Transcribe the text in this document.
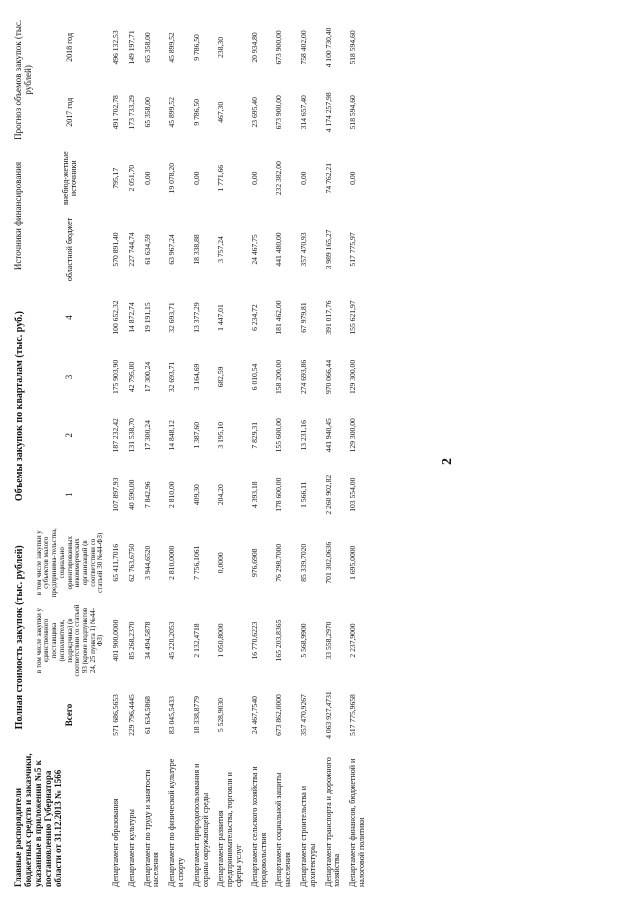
Главные распорядители бюджетных средств и заказчики, указанные в приложении №5 к постановлению Губернатора области от 31.12.2013 № 1566	Полная стоимость закупок (тыс. рублей)			Объемы закупок по кварталам (тыс. руб.)				Источники финансирования		Прогноз объемов закупок (тыс. рублей)	
	Всего	в том числе закупки у единственного поставщика (исполнителя, подрядчика) (в соответствии со статьей 93 (кроме подпунктов 24, 25 пункта 1) №44-ФЗ)	в том числе закупки у субъектов малого предпринима-тельства, социально ориентированных некоммерческих организаций (в соответствии со статьей 30 №44-ФЗ)	1	2	3	4	областной бюджет	внебюд-жетные источники	2017 год	2018 год

Департамент образования	571 686,5653	401 900,0000	65 411,7016	107 897,93	187 232,42	175 903,90	100 652,32	570 891,40	795,17	491 702,78	496 132,53
Департамент культуры	229 796,4445	85 268,2370	62 763,6750	40 590,00	131 538,70	42 795,00	14 872,74	227 744,74	2 051,70	173 733,29	149 197,71
Департамент по труду и занятости населения	61 634,5868	34 494,5878	3 944,6520	7 842,96	17 300,24	17 300,24	19 191,15	61 634,59	0,00	65 358,00	65 358,00
Департамент по физической культуре и спорту	83 045,5433	45 220,2053	2 810,0000	2 810,00	14 848,12	32 693,71	32 693,71	63 967,24	19 078,20	45 899,52	45 899,52
Департамент природопользования и охраны окружающей среды	18 338,8779	2 132,4718	7 756,1061	409,30	1 387,60	3 164,69	13 377,29	18 338,88	0,00	9 786,50	9 786,50
Департамент развития предпринимательства, торговли и сферы услуг	5 528,9030	1 050,8000	0,0000	204,20	3 195,10	682,59	1 447,01	3 757,24	1 771,66	467,30	238,30
Департамент сельского хозяйства и продовольствия	24 467,7540	16 770,6223	976,6908	4 393,18	7 829,31	6 010,54	6 234,72	24 467,75	0,00	23 695,40	20 934,80
Департамент социальной защиты населения	673 862,0000	165 203,8365	76 298,7000	178 600,00	155 600,00	158 200,00	181 462,00	441 480,00	232 382,00	673 900,00	673 900,00
Департамент строительства и архитектуры	357 470,9267	5 568,9900	85 339,7020	1 566,11	13 231,16	274 693,86	67 979,81	357 470,93	0,00	314 657,40	758 402,00
Департамент транспорта и дорожного хозяйства	4 063 927,4731	33 558,2970	701 302,0636	2 260 902,82	441 940,45	970 066,44	391 017,76	3 989 165,27	74 762,21	4 174 257,98	4 100 730,40
Департамент финансов, бюджетной и налоговой политики	517 775,9658	2 237,9000	1 695,0000	103 554,00	129 300,00	129 300,00	155 621,97	517 775,97	0,00	518 594,60	518 594,60
2
